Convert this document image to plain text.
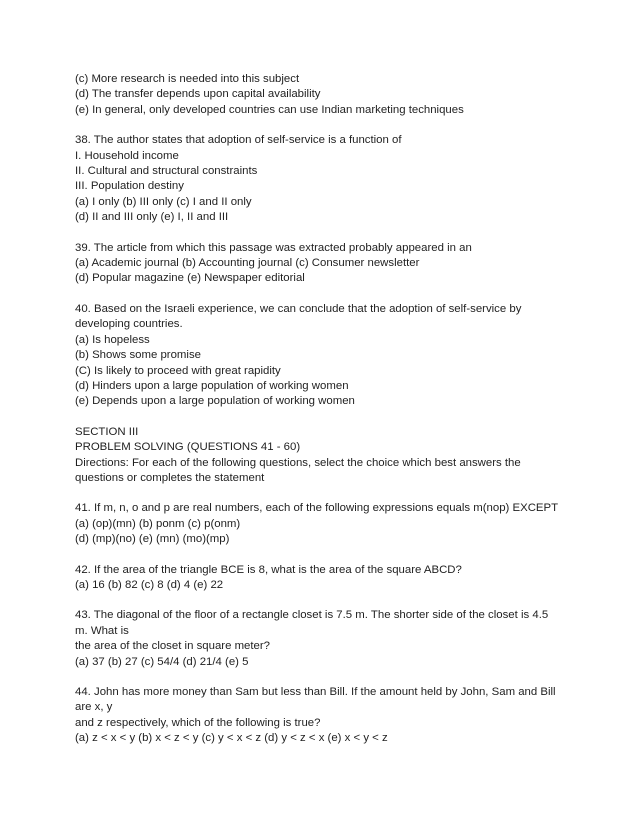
(c) More research is needed into this subject
(d) The transfer depends upon capital availability
(e) In general, only developed countries can use Indian marketing techniques
38. The author states that adoption of self-service is a function of
I. Household income
II. Cultural and structural constraints
III. Population destiny
(a) I only (b) III only (c) I and II only
(d) II and III only (e) I, II and III
39. The article from which this passage was extracted probably appeared in an
(a) Academic journal (b) Accounting journal (c) Consumer newsletter
(d) Popular magazine (e) Newspaper editorial
40. Based on the Israeli experience, we can conclude that the adoption of self-service by
developing countries.
(a) Is hopeless
(b) Shows some promise
(C) Is likely to proceed with great rapidity
(d) Hinders upon a large population of working women
(e) Depends upon a large population of working women
SECTION III
PROBLEM SOLVING (QUESTIONS 41 - 60)
Directions: For each of the following questions, select the choice which best answers the
questions or completes the statement
41. If m, n, o and p are real numbers, each of the following expressions equals m(nop) EXCEPT
(a) (op)(mn) (b) ponm (c) p(onm)
(d) (mp)(no) (e) (mn) (mo)(mp)
42. If the area of the triangle BCE is 8, what is the area of the square ABCD?
(a) 16 (b) 82 (c) 8 (d) 4 (e) 22
43. The diagonal of the floor of a rectangle closet is 7.5 m. The shorter side of the closet is 4.5
m. What is
the area of the closet in square meter?
(a) 37 (b) 27 (c) 54/4 (d) 21/4 (e) 5
44. John has more money than Sam but less than Bill. If the amount held by John, Sam and Bill
are x, y
and z respectively, which of the following is true?
(a) z < x < y (b) x < z < y (c) y < x < z (d) y < z < x (e) x < y < z
